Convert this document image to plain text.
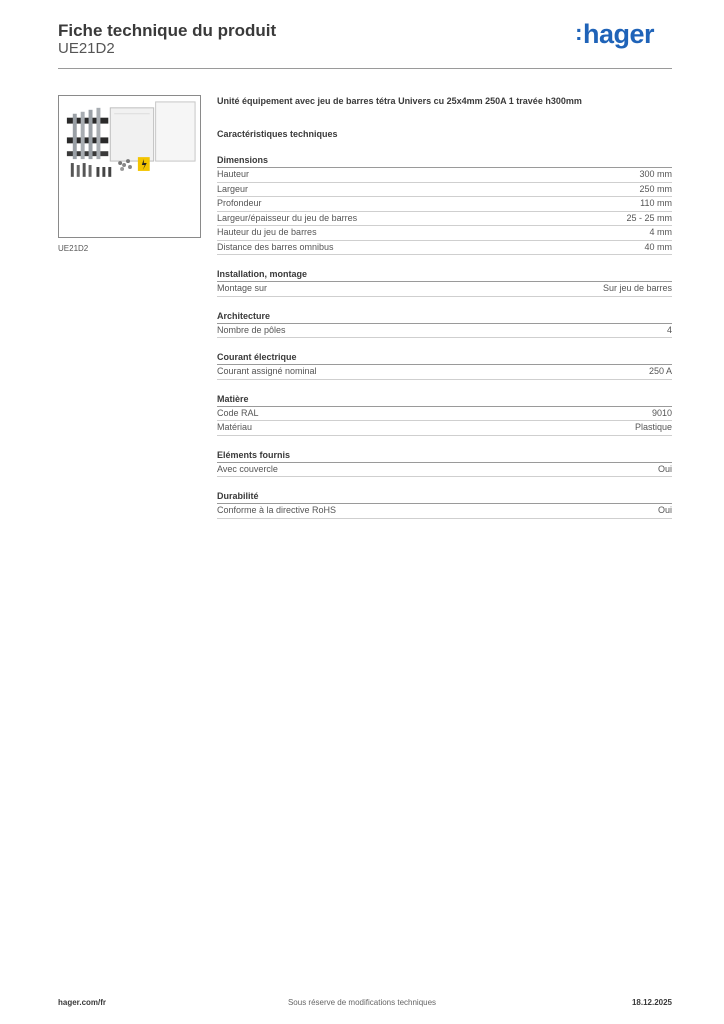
Fiche technique du produit
UE21D2
:hager
UE21D2
Unité équipement avec jeu de barres tétra Univers cu 25x4mm 250A 1 travée h300mm
Caractéristiques techniques
Dimensions
Hauteur	300 mm
Largeur	250 mm
Profondeur	110 mm
Largeur/épaisseur du jeu de barres	25 - 25 mm
Hauteur du jeu de barres	4 mm
Distance des barres omnibus	40 mm
Installation, montage
Montage sur	Sur jeu de barres
Architecture
Nombre de pôles	4
Courant électrique
Courant assigné nominal	250 A
Matière
Code RAL	9010
Matériau	Plastique
Eléments fournis
Avec couvercle	Oui
Durabilité
Conforme à la directive RoHS	Oui
hager.com/fr	Sous réserve de modifications techniques	18.12.2025
